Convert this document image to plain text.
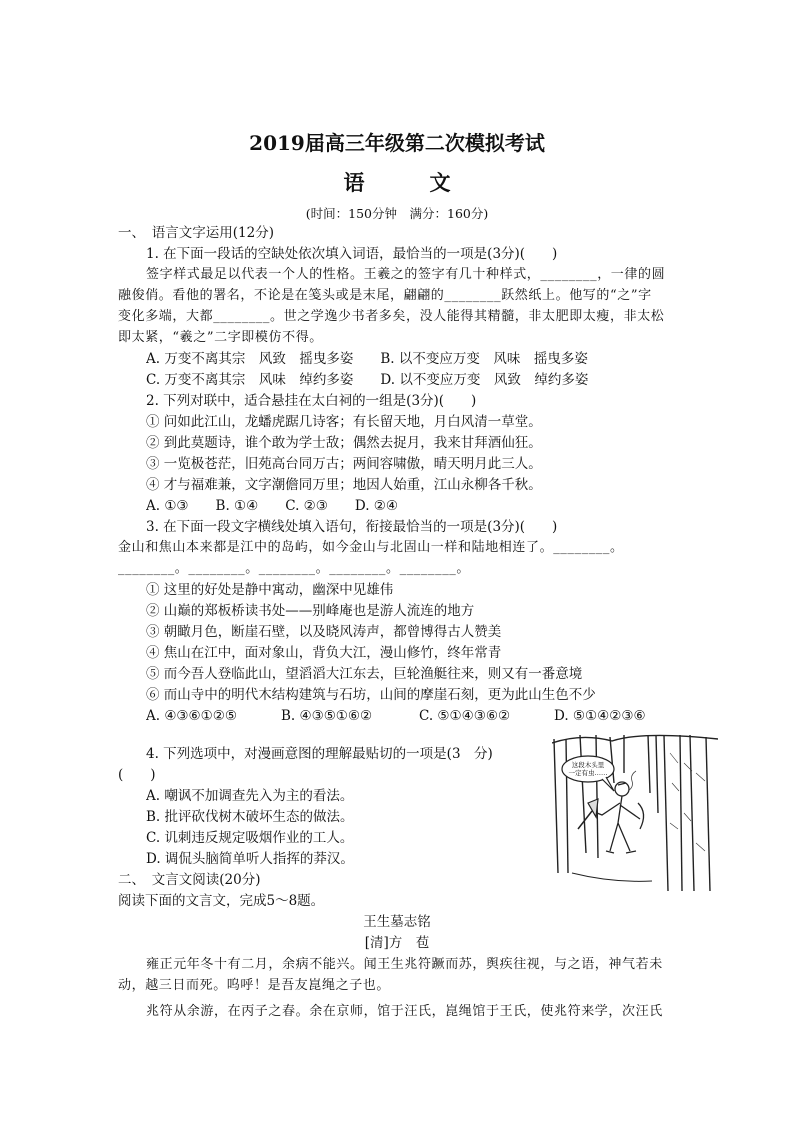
2019届高三年级第二次模拟考试
语　文
(时间：150分钟　满分：160分)
一、　语言文字运用(12分)
1. 在下面一段话的空缺处依次填入词语，最恰当的一项是(3分)(　　)
签字样式最足以代表一个人的性格。王羲之的签字有几十种样式，________，一律的圆
融俊俏。看他的署名，不论是在笺头或是末尾，翩翩的________跃然纸上。他写的“之”字
变化多端，大都________。世之学逸少书者多矣，没人能得其精髓，非太肥即太瘦，非太松
即太紧，“羲之”二字即模仿不得。
A. 万变不离其宗　风致　摇曳多姿　　B. 以不变应万变　风味　摇曳多姿
C. 万变不离其宗　风味　绰约多姿　　D. 以不变应万变　风致　绰约多姿
2. 下列对联中，适合悬挂在太白祠的一组是(3分)(　　)
① 问如此江山，龙蟠虎踞几诗客；有长留天地，月白风清一草堂。
② 到此莫题诗，谁个敢为学士敌；偶然去捉月，我来甘拜酒仙狂。
③ 一览极苍茫，旧苑高台同万古；两间容啸傲，晴天明月此三人。
④ 才与福难兼，文字潮儋同万里；地因人始重，江山永柳各千秋。
A. ①③　　B. ①④　　C. ②③　　D. ②④
3. 在下面一段文字横线处填入语句，衔接最恰当的一项是(3分)(　　)
金山和焦山本来都是江中的岛屿，如今金山与北固山一样和陆地相连了。________。
________。________。________。________。________。
① 这里的好处是静中寓动，幽深中见雄伟
② 山巅的郑板桥读书处——别峰庵也是游人流连的地方
③ 朝瞰月色，断崖石壁，以及晓风涛声，都曾博得古人赞美
④ 焦山在江中，面对象山，背负大江，漫山修竹，终年常青
⑤ 而今吾人登临此山，望滔滔大江东去，巨轮渔艇往来，则又有一番意境
⑥ 而山寺中的明代木结构建筑与石坊，山间的摩崖石刻，更为此山生色不少
A. ④③⑥①②⑤	B. ④③⑤①⑥②	C. ⑤①④③⑥②	D. ⑤①④②③⑥
4. 下列选项中，对漫画意图的理解最贴切的一项是(3　分)
(　　)
A. 嘲讽不加调查先入为主的看法。
B. 批评砍伐树木破坏生态的做法。
C. 讥刺违反规定吸烟作业的工人。
D. 调侃头脑简单听人指挥的莽汉。
这段木头里
一定有虫……
二、　文言文阅读(20分)
阅读下面的文言文，完成5～8题。
王生墓志铭
[清]方　苞
雍正元年冬十有二月，余病不能兴。闻王生兆符蹶而苏，舆疾往视，与之语，神气若未
动，越三日而死。呜呼！是吾友崑绳之子也。
兆符从余游，在丙子之春。余在京师，馆于汪氏，崑绳馆于王氏，使兆符来学，次汪氏
